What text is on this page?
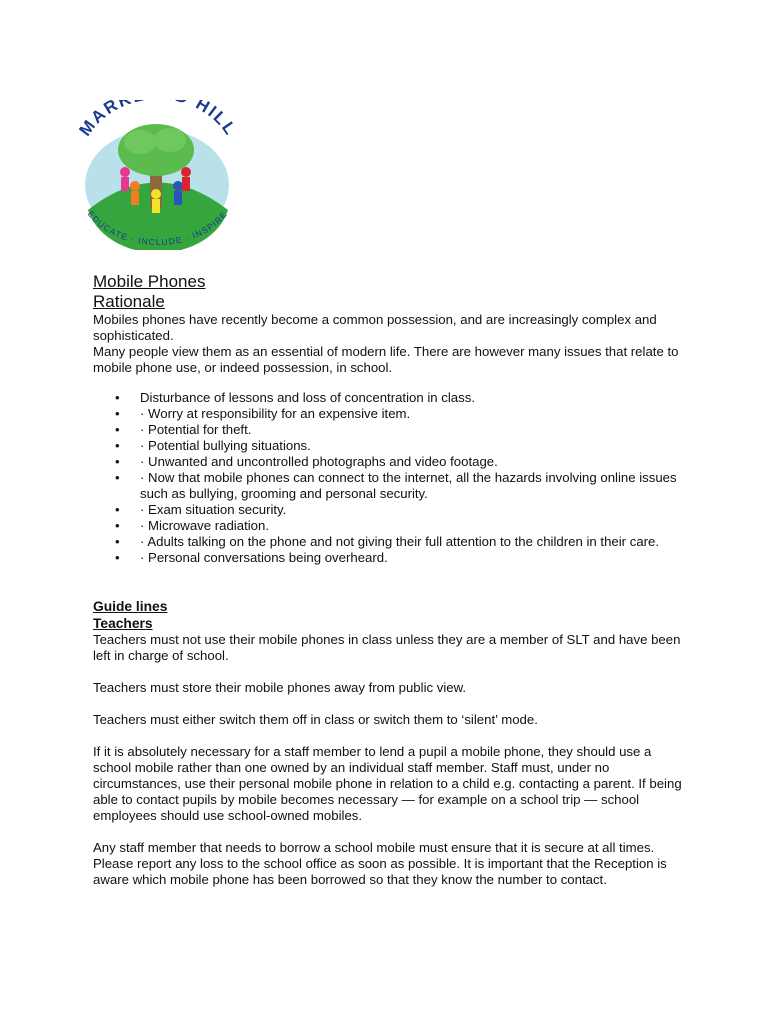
MAR HILL
EDUCATE · INCLUDE · INSPIRE
Mobile Phones
Rationale

Mobiles phones have recently become a common possession, and are increasingly complex and sophisticated.

Many people view them as an essential of modern life. There are however many issues that relate to mobile phone use, or indeed possession, in school.

• Disturbance of lessons and loss of concentration in class.
• · Worry at responsibility for an expensive item.
• · Potential for theft.
• · Potential bullying situations.
• · Unwanted and uncontrolled photographs and video footage.
• · Now that mobile phones can connect to the internet, all the hazards involving online issues such as bullying, grooming and personal security.
• · Exam situation security.
• · Microwave radiation.
• · Adults talking on the phone and not giving their full attention to the children in their care.
• · Personal conversations being overheard.
Guide lines
Teachers

Teachers must not use their mobile phones in class unless they are a member of SLT and have been left in charge of school.

Teachers must store their mobile phones away from public view.

Teachers must either switch them off in class or switch them to ‘silent’ mode.

If it is absolutely necessary for a staff member to lend a pupil a mobile phone, they should use a school mobile rather than one owned by an individual staff member. Staff must, under no circumstances, use their personal mobile phone in relation to a child e.g. contacting a parent. If being able to contact pupils by mobile becomes necessary — for example on a school trip — school employees should use school-owned mobiles.

Any staff member that needs to borrow a school mobile must ensure that it is secure at all times. Please report any loss to the school office as soon as possible. It is important that the Reception is aware which mobile phone has been borrowed so that they know the number to contact.
